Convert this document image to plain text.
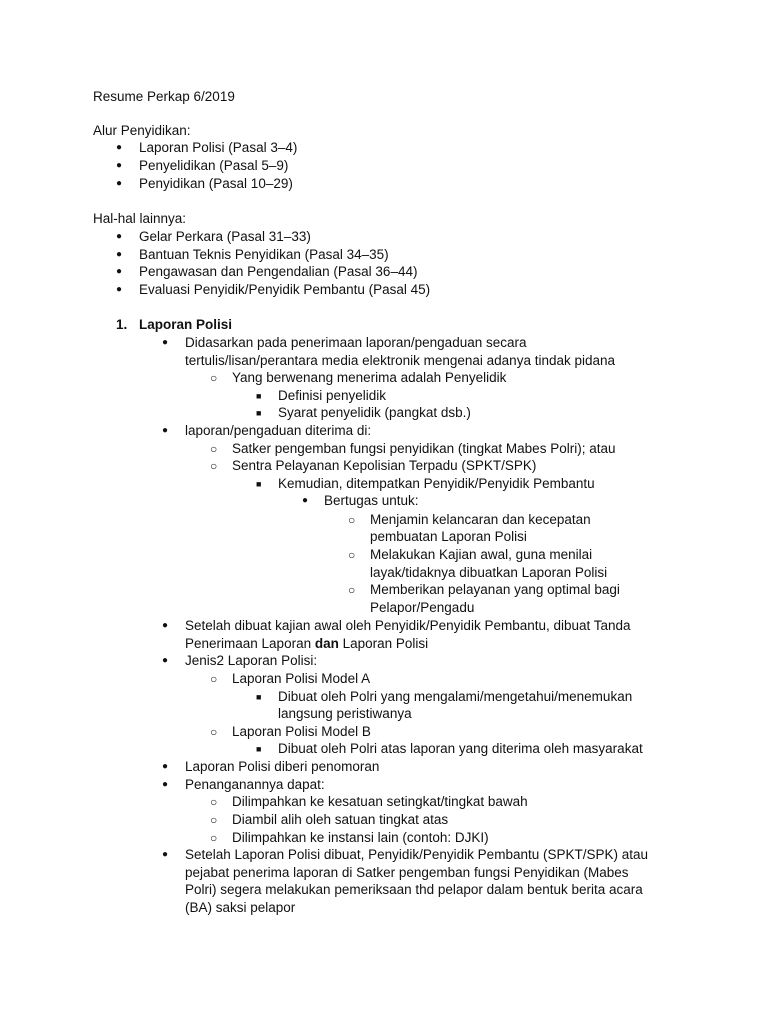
Resume Perkap 6/2019

Alur Penyidikan:

●

Laporan Polisi (Pasal 3–4)

●

Penyelidikan (Pasal 5–9)

●

Penyidikan (Pasal 10–29)

Hal-hal lainnya:

●

Gelar Perkara (Pasal 31–33)

●

Bantuan Teknis Penyidikan (Pasal 34–35)

●

Pengawasan dan Pengendalian (Pasal 36–44)

●

Evaluasi Penyidik/Penyidik Pembantu (Pasal 45)

1. Laporan Polisi

●

Didasarkan pada penerimaan laporan/pengaduan secara

tertulis/lisan/perantara media elektronik mengenai adanya tindak pidana

○

Yang berwenang menerima adalah Penyelidik

■

Definisi penyelidik

■

Syarat penyelidik (pangkat dsb.)

●

laporan/pengaduan diterima di:

○

Satker pengemban fungsi penyidikan (tingkat Mabes Polri); atau

○

Sentra Pelayanan Kepolisian Terpadu (SPKT/SPK)

■

Kemudian, ditempatkan Penyidik/Penyidik Pembantu

●

Bertugas untuk:

○

Menjamin kelancaran dan kecepatan

pembuatan Laporan Polisi

○

Melakukan Kajian awal, guna menilai

layak/tidaknya dibuatkan Laporan Polisi

○

Memberikan pelayanan yang optimal bagi

Pelapor/Pengadu

●

Setelah dibuat kajian awal oleh Penyidik/Penyidik Pembantu, dibuat Tanda

Penerimaan Laporan dan Laporan Polisi

●

Jenis2 Laporan Polisi:

○

Laporan Polisi Model A

■

Dibuat oleh Polri yang mengalami/mengetahui/menemukan

langsung peristiwanya

○

Laporan Polisi Model B

■

Dibuat oleh Polri atas laporan yang diterima oleh masyarakat

●

Laporan Polisi diberi penomoran

●

Penanganannya dapat:

○

Dilimpahkan ke kesatuan setingkat/tingkat bawah

○

Diambil alih oleh satuan tingkat atas

○

Dilimpahkan ke instansi lain (contoh: DJKI)

●

Setelah Laporan Polisi dibuat, Penyidik/Penyidik Pembantu (SPKT/SPK) atau

pejabat penerima laporan di Satker pengemban fungsi Penyidikan (Mabes

Polri) segera melakukan pemeriksaan thd pelapor dalam bentuk berita acara

(BA) saksi pelapor
